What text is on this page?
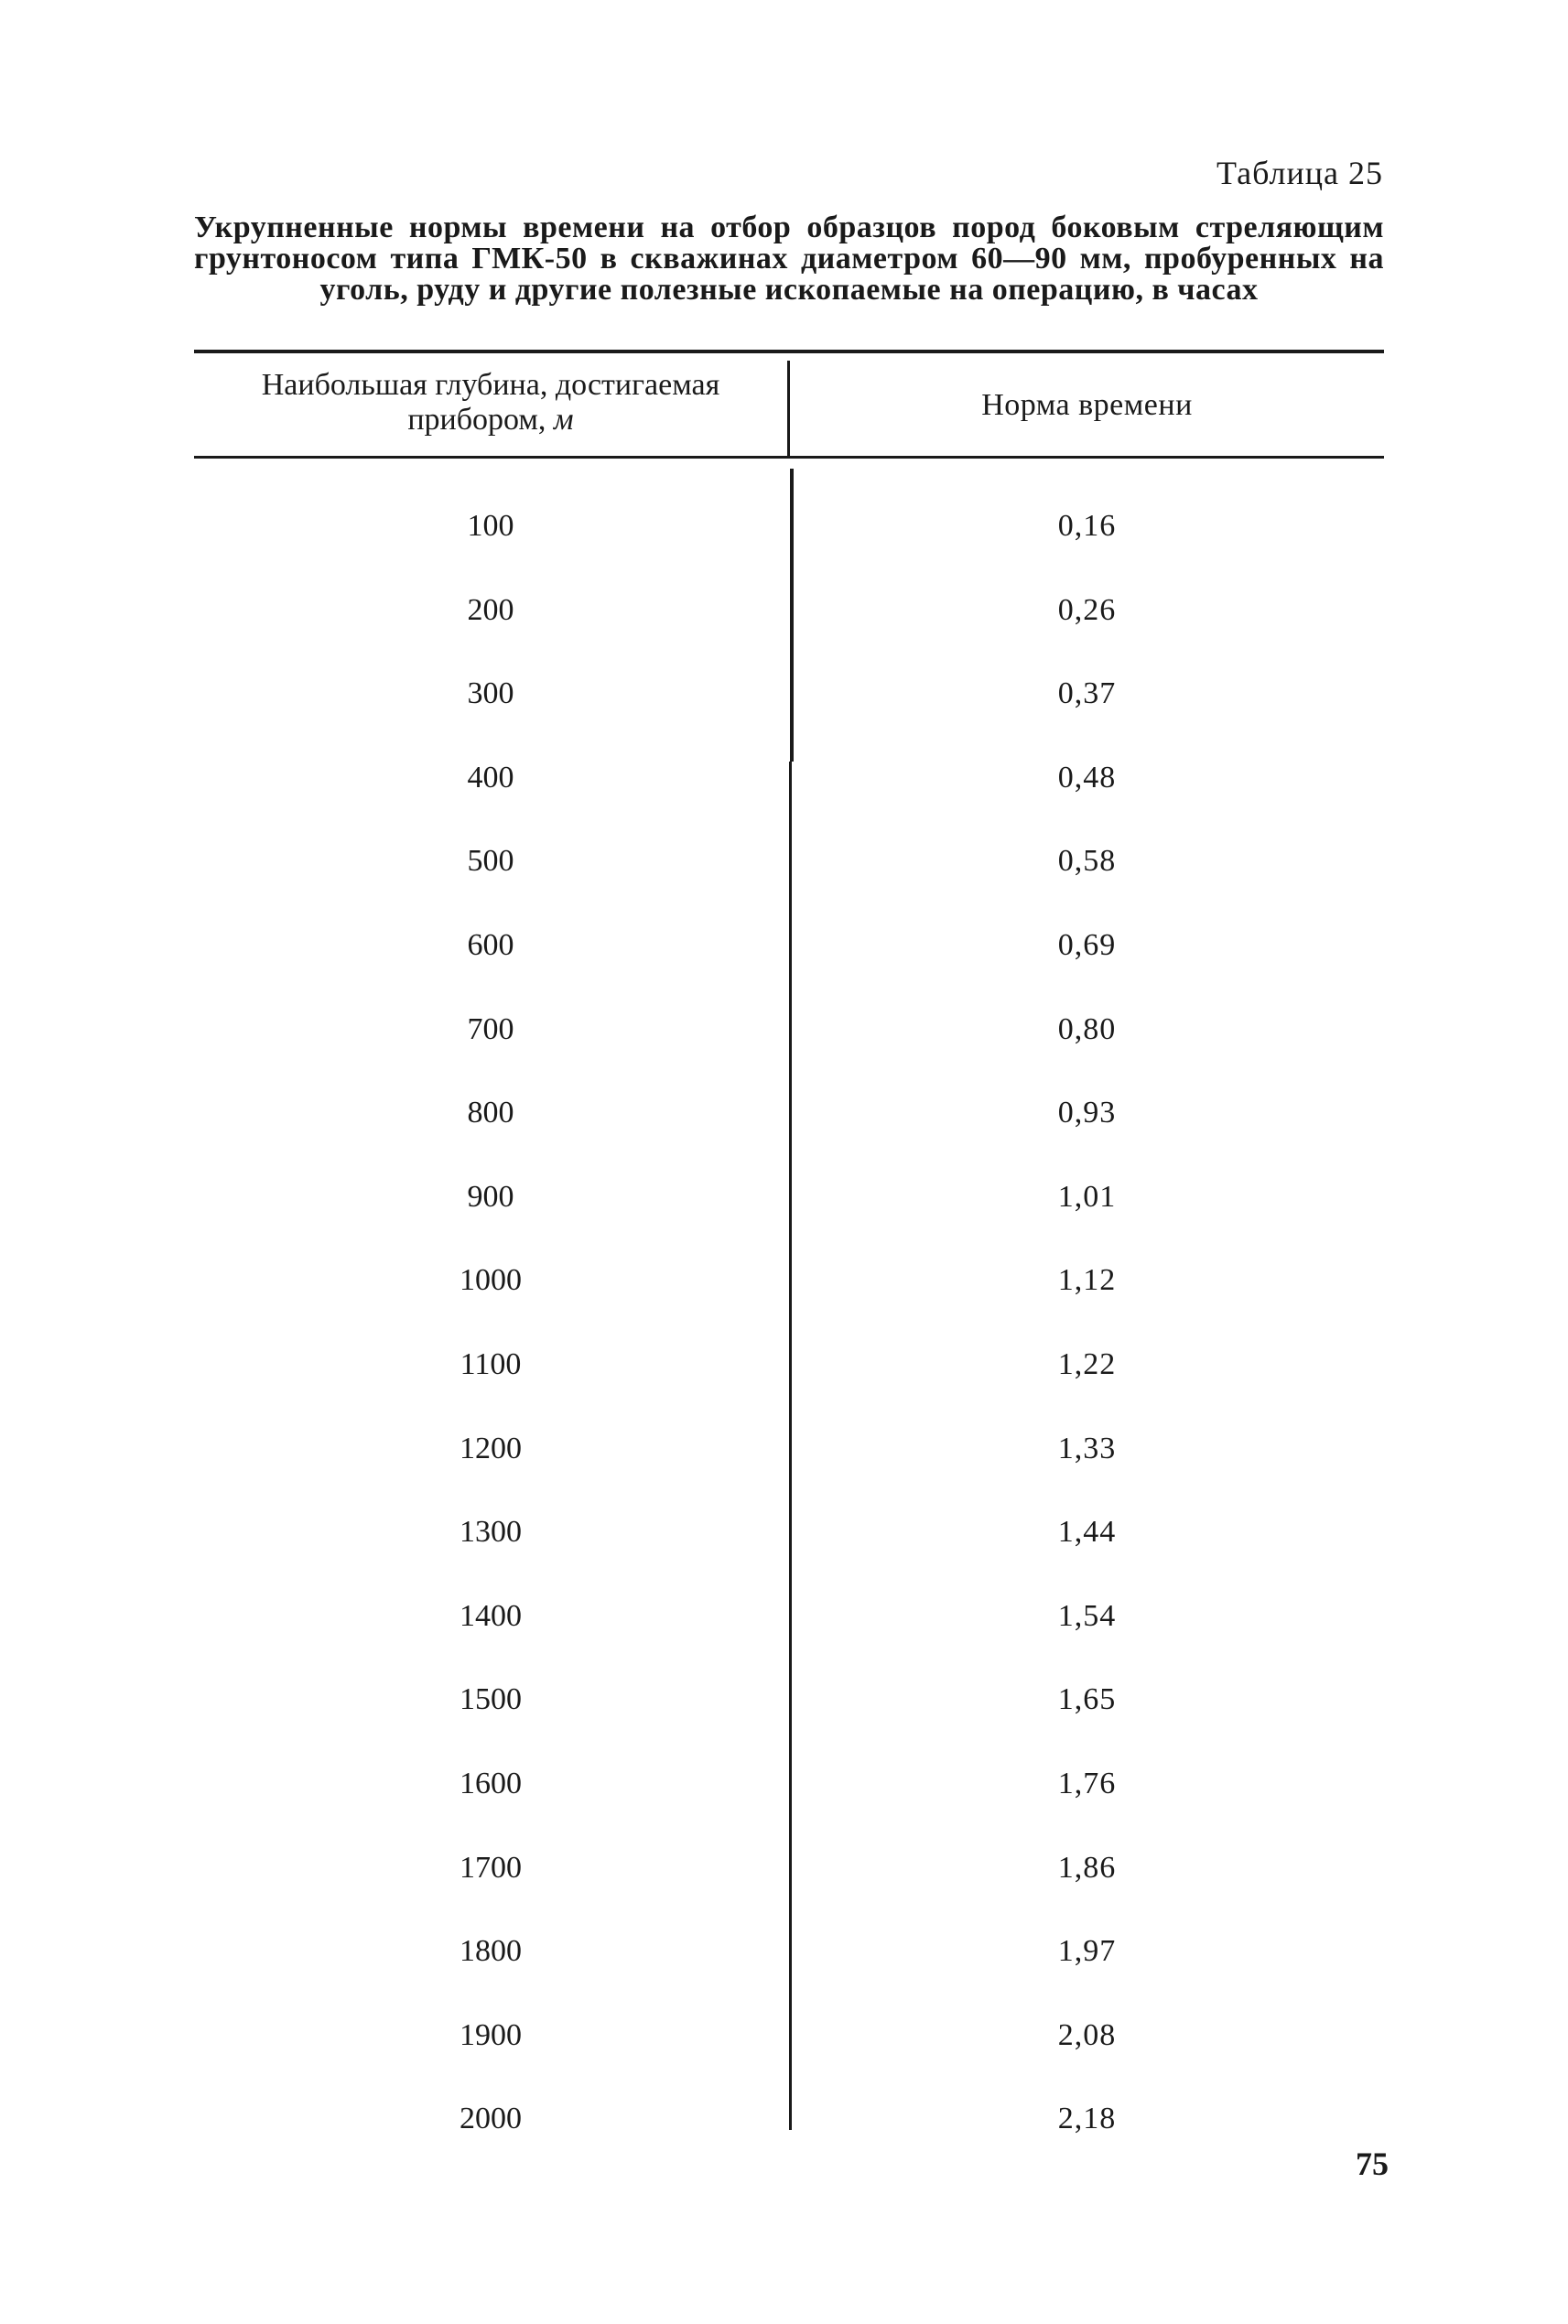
Таблица 25
Укрупненные нормы времени на отбор образцов пород боковым стреляющим грунтоносом типа ГМК-50 в скважинах диаметром 60—90 мм, пробуренных на уголь, руду и другие полезные ископаемые на операцию, в часах
Наибольшая глубина, достигаемая прибором, м	Норма времени
100	0,16
200	0,26
300	0,37
400	0,48
500	0,58
600	0,69
700	0,80
800	0,93
900	1,01
1000	1,12
1100	1,22
1200	1,33
1300	1,44
1400	1,54
1500	1,65
1600	1,76
1700	1,86
1800	1,97
1900	2,08
2000	2,18
75
